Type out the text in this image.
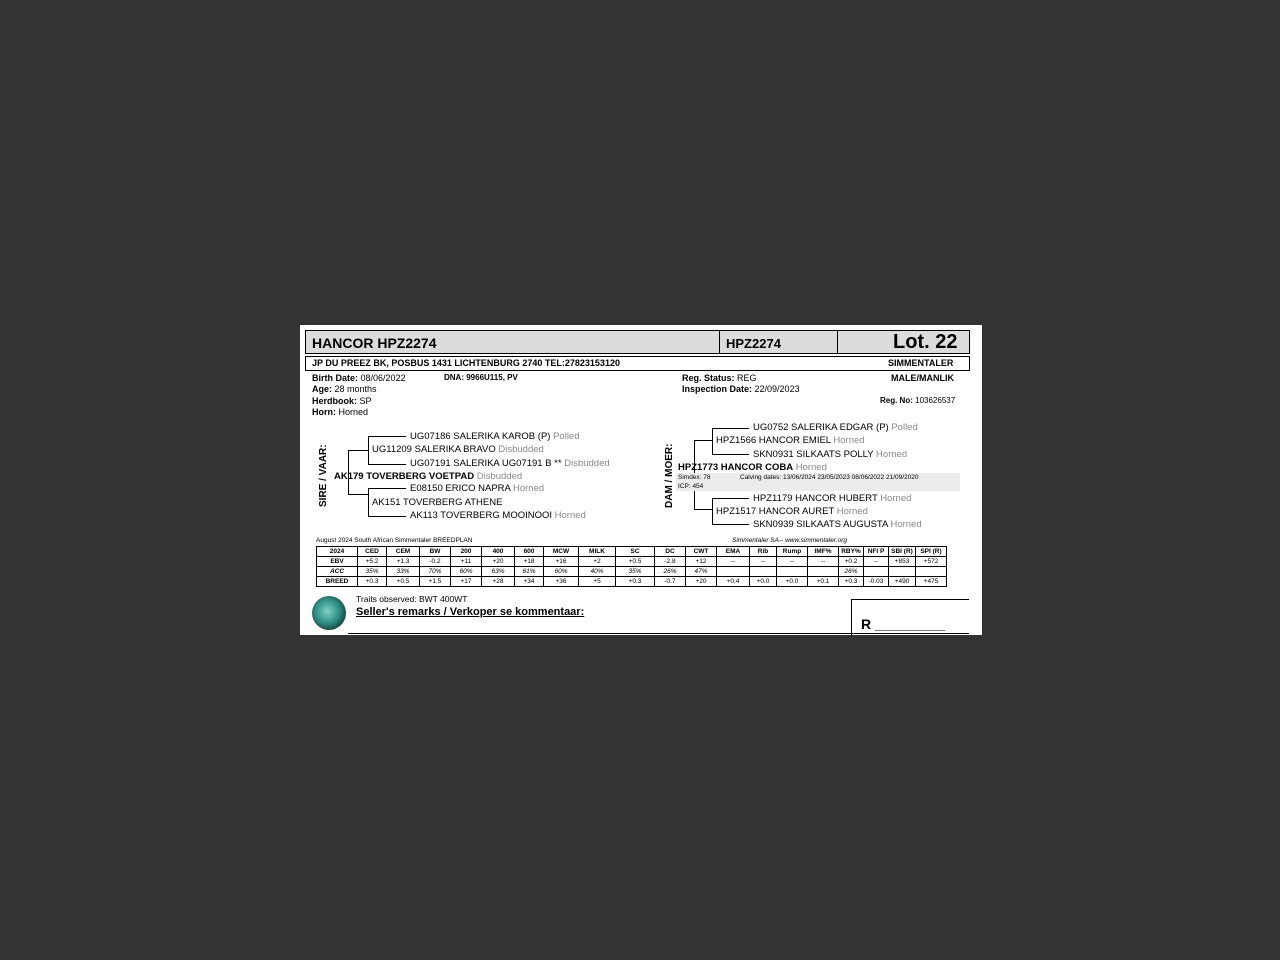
HANCOR HPZ2274	HPZ2274	Lot. 22
JP DU PREEZ BK, POSBUS 1431 LICHTENBURG 2740 TEL:27823153120	SIMMENTALER
Birth Date: 08/06/2022	DNA: 9966U115, PV
Age: 28 months
Herdbook: SP
Horn: Horned
Reg. Status: REG
Inspection Date: 22/09/2023
MALE/MANLIK
Reg. No: 103626537
SIRE / VAAR:
UG07186 SALERIKA KAROB (P) Polled
UG11209 SALERIKA BRAVO Disbudded
UG07191 SALERIKA UG07191 B ** Disbudded
AK179 TOVERBERG VOETPAD Disbudded
E08150 ERICO NAPRA Horned
AK151 TOVERBERG ATHENE
AK113 TOVERBERG MOOINOOI Horned
DAM / MOER:
UG0752 SALERIKA EDGAR (P) Polled
HPZ1566 HANCOR EMIEL Horned
SKN0931 SILKAATS POLLY Horned
HPZ1773 HANCOR COBA Horned
Simdex: 78	Calving dates: 13/06/2024 23/05/2023 08/06/2022 21/09/2020
ICP: 454
HPZ1179 HANCOR HUBERT Horned
HPZ1517 HANCOR AURET Horned
SKN0939 SILKAATS AUGUSTA Horned
August 2024 South African Simmentaler BREEDPLAN	Simmentaler SA-- www.simmentaler.org
2024	CED	CEM	BW	200	400	600	MCW	MILK	SC	DC	CWT	EMA	Rib	Rump	IMF%	RBY%	NFI P	SBI (R)	SPI (R)
EBV	+5.2	+1.3	-0.2	+11	+20	+18	+16	+2	+0.5	-2.8	+12	--	--	--	--	+0.2	--	+853	+572
ACC	35%	33%	70%	60%	63%	61%	60%	40%	35%	26%	47%					26%			
BREED	+0.3	+0.5	+1.5	+17	+28	+34	+36	+5	+0.3	-0.7	+20	+0.4	+0.0	+0.0	+0.1	+0.3	-0.03	+490	+475
Traits observed: BWT 400WT
Seller's remarks / Verkoper se kommentaar:
R _________
